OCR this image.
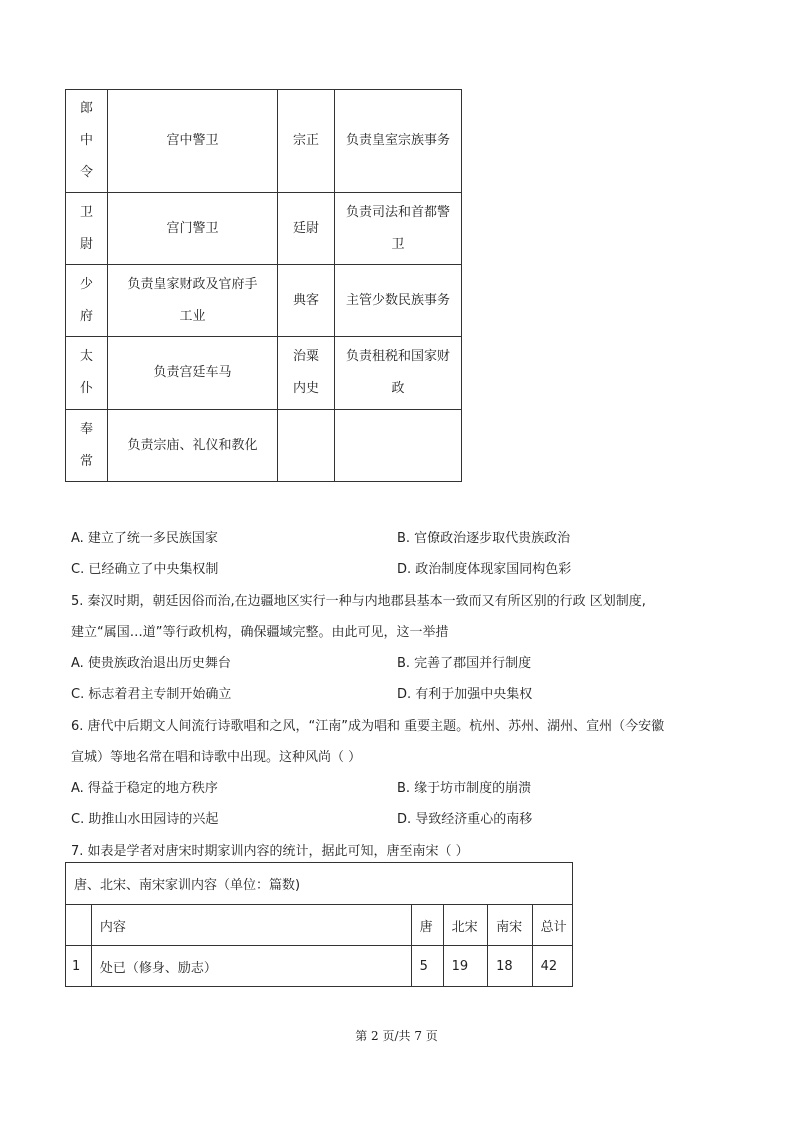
郎中令	宫中警卫	宗正	负责皇室宗族事务
卫尉	宫门警卫	廷尉	负责司法和首都警卫
少府	负责皇家财政及官府手工业	典客	主管少数民族事务
太仆	负责宫廷车马	治粟内史	负责租税和国家财政
奉常	负责宗庙、礼仪和教化		
A. 建立了统一多民族国家	B. 官僚政治逐步取代贵族政治
C. 已经确立了中央集权制	D. 政治制度体现家国同构色彩
5. 秦汉时期，朝廷因俗而治,在边疆地区实行一种与内地郡县基本一致而又有所区别的行政 区划制度,
建立“属国…道”等行政机构，确保疆域完整。由此可见，这一举措
A. 使贵族政治退出历史舞台	B. 完善了郡国并行制度
C. 标志着君主专制开始确立	D. 有利于加强中央集权
6. 唐代中后期文人间流行诗歌唱和之风，“江南”成为唱和 重要主题。杭州、苏州、湖州、宣州（今安徽
宣城）等地名常在唱和诗歌中出现。这种风尚（ ）
A. 得益于稳定的地方秩序	B. 缘于坊市制度的崩溃
C. 助推山水田园诗的兴起	D. 导致经济重心的南移
7. 如表是学者对唐宋时期家训内容的统计，据此可知，唐至南宋（ ）
唐、北宋、南宋家训内容（单位：篇数)					
	内容	唐	北宋	南宋	总计
1	处已（修身、励志）	5	19	18	42
第 2 页/共 7 页
